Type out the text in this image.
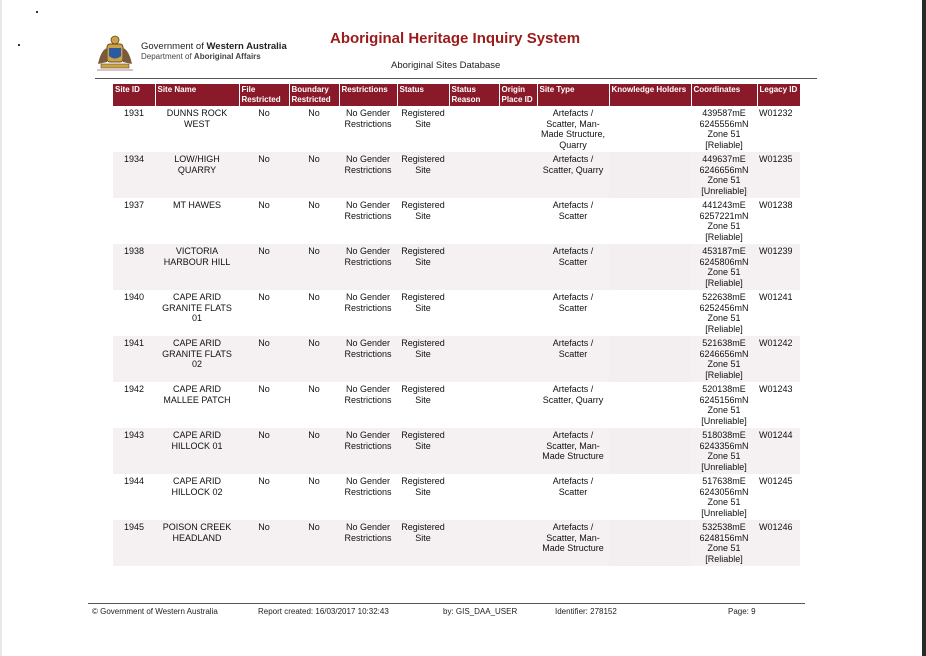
Government of Western Australia
Department of Aboriginal Affairs
Aboriginal Heritage Inquiry System
Aboriginal Sites Database
Site ID	Site Name	File Restricted	Boundary Restricted	Restrictions	Status	Status Reason	Origin Place ID	Site Type	Knowledge Holders	Coordinates	Legacy ID
1931	DUNNS ROCK WEST	No	No	No Gender Restrictions	Registered Site			Artefacts / Scatter, Man-Made Structure, Quarry		439587mE 6245556mN Zone 51 [Reliable]	W01232
1934	LOW/HIGH QUARRY	No	No	No Gender Restrictions	Registered Site			Artefacts / Scatter, Quarry		449637mE 6246656mN Zone 51 [Unreliable]	W01235
1937	MT HAWES	No	No	No Gender Restrictions	Registered Site			Artefacts / Scatter		441243mE 6257221mN Zone 51 [Reliable]	W01238
1938	VICTORIA HARBOUR HILL	No	No	No Gender Restrictions	Registered Site			Artefacts / Scatter		453187mE 6245806mN Zone 51 [Reliable]	W01239
1940	CAPE ARID GRANITE FLATS 01	No	No	No Gender Restrictions	Registered Site			Artefacts / Scatter		522638mE 6252456mN Zone 51 [Reliable]	W01241
1941	CAPE ARID GRANITE FLATS 02	No	No	No Gender Restrictions	Registered Site			Artefacts / Scatter		521638mE 6246656mN Zone 51 [Reliable]	W01242
1942	CAPE ARID MALLEE PATCH	No	No	No Gender Restrictions	Registered Site			Artefacts / Scatter, Quarry		520138mE 6245156mN Zone 51 [Unreliable]	W01243
1943	CAPE ARID HILLOCK 01	No	No	No Gender Restrictions	Registered Site			Artefacts / Scatter, Man-Made Structure		518038mE 6243356mN Zone 51 [Unreliable]	W01244
1944	CAPE ARID HILLOCK 02	No	No	No Gender Restrictions	Registered Site			Artefacts / Scatter		517638mE 6243056mN Zone 51 [Unreliable]	W01245
1945	POISON CREEK HEADLAND	No	No	No Gender Restrictions	Registered Site			Artefacts / Scatter, Man-Made Structure		532538mE 6248156mN Zone 51 [Reliable]	W01246
© Government of Western Australia	Report created: 16/03/2017 10:32:43	by: GIS_DAA_USER	Identifier: 278152	Page: 9
